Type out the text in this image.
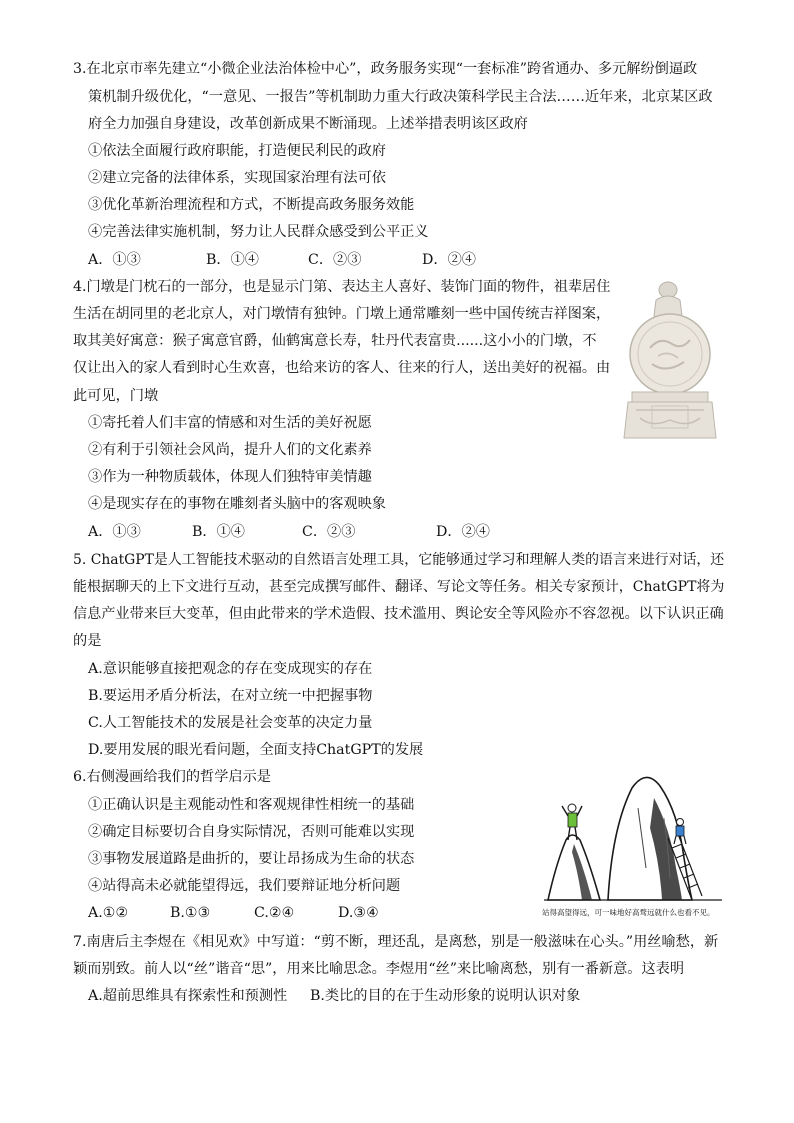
3.在北京市率先建立“小微企业法治体检中心”，政务服务实现“一套标准”跨省通办、多元解纷倒逼政
策机制升级优化，“一意见、一报告”等机制助力重大行政决策科学民主合法……近年来，北京某区政
府全力加强自身建设，改革创新成果不断涌现。上述举措表明该区政府
①依法全面履行政府职能，打造便民利民的政府
②建立完备的法律体系，实现国家治理有法可依
③优化革新治理流程和方式，不断提高政务服务效能
④完善法律实施机制，努力让人民群众感受到公平正义
A．①③	B．①④	C．②③	D．②④
4.门墩是门枕石的一部分，也是显示门第、表达主人喜好、装饰门面的物件，祖辈居住
生活在胡同里的老北京人，对门墩情有独钟。门墩上通常雕刻一些中国传统吉祥图案，
取其美好寓意：猴子寓意官爵，仙鹤寓意长寿，牡丹代表富贵......这小小的门墩，不
仅让出入的家人看到时心生欢喜，也给来访的客人、往来的行人，送出美好的祝福。由
此可见，门墩
①寄托着人们丰富的情感和对生活的美好祝愿
②有利于引领社会风尚，提升人们的文化素养
③作为一种物质载体，体现人们独特审美情趣
④是现实存在的事物在雕刻者头脑中的客观映象
A．①③	B．①④	C．②③	D．②④
5. ChatGPT是人工智能技术驱动的自然语言处理工具，它能够通过学习和理解人类的语言来进行对话，还
能根据聊天的上下文进行互动，甚至完成撰写邮件、翻译、写论文等任务。相关专家预计，ChatGPT将为
信息产业带来巨大变革，但由此带来的学术造假、技术滥用、舆论安全等风险亦不容忽视。以下认识正确
的是
A.意识能够直接把观念的存在变成现实的存在
B.要运用矛盾分析法，在对立统一中把握事物
C.人工智能技术的发展是社会变革的决定力量
D.要用发展的眼光看问题，全面支持ChatGPT的发展
6.右侧漫画给我们的哲学启示是
①正确认识是主观能动性和客观规律性相统一的基础
②确定目标要切合自身实际情况，否则可能难以实现
③事物发展道路是曲折的，要让昂扬成为生命的状态
④站得高未必就能望得远，我们要辩证地分析问题
A.①②	B.①③	C.②④	D.③④	站得高望得远，可一味地好高骛远就什么也看不见。
7.南唐后主李煜在《相见欢》中写道：“剪不断，理还乱，是离愁，别是一般滋味在心头。”用丝喻愁，新
颖而别致。前人以“丝”谐音“思”，用来比喻思念。李煜用“丝”来比喻离愁，别有一番新意。这表明
A.超前思维具有探索性和预测性 B.类比的目的在于生动形象的说明认识对象
